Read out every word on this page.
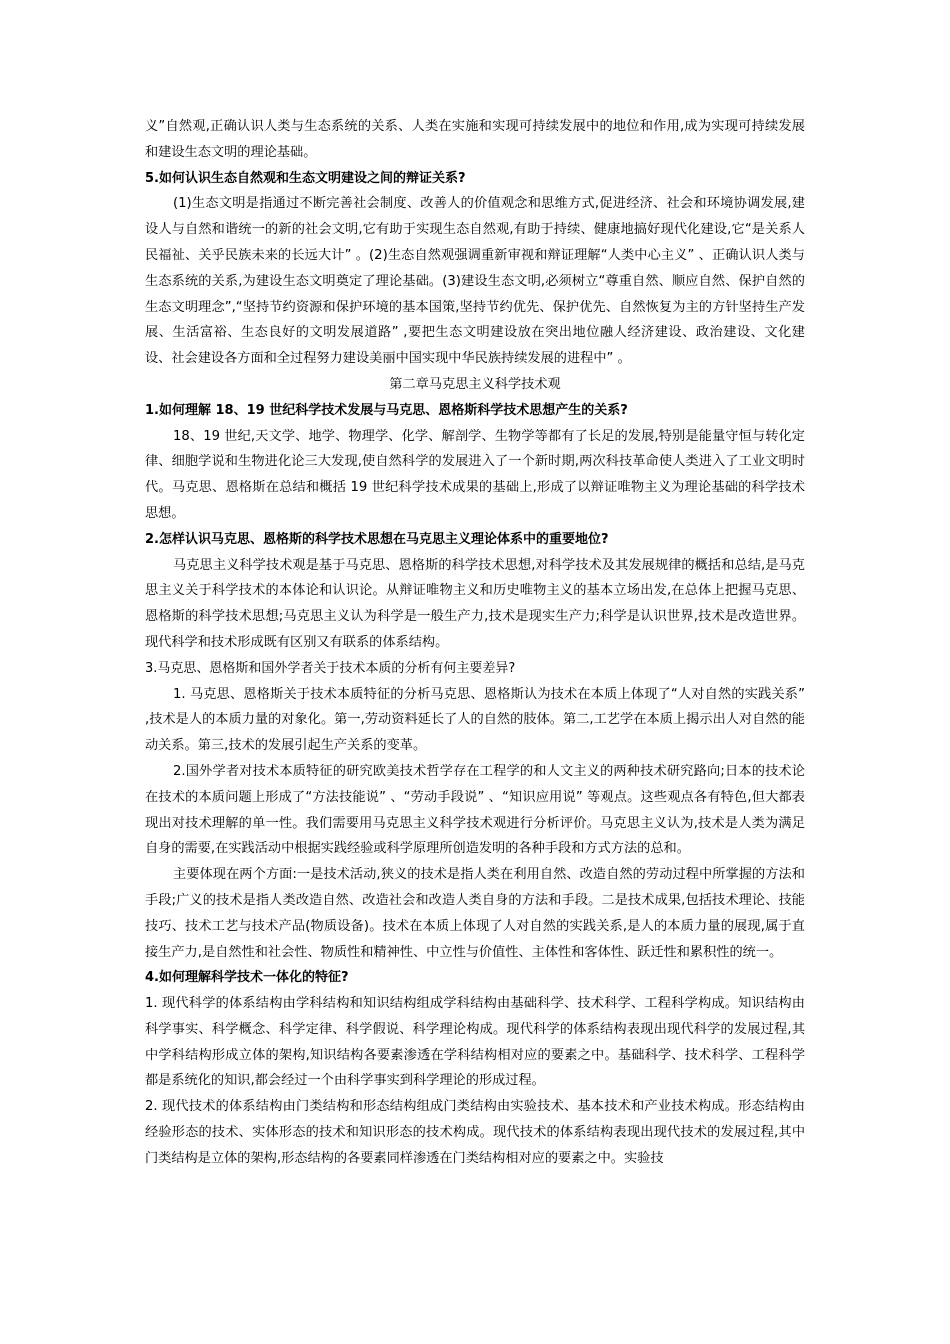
义”自然观,正确认识人类与生态系统的关系、人类在实施和实现可持续发展中的地位和作用,成为实现可持续发展和建设生态文明的理论基础。

5.如何认识生态自然观和生态文明建设之间的辩证关系?

(1)生态文明是指通过不断完善社会制度、改善人的价值观念和思维方式,促进经济、社会和环境协调发展,建设人与自然和谐统一的新的社会文明,它有助于实现生态自然观,有助于持续、健康地搞好现代化建设,它“是关系人民福祉、关乎民族未来的长远大计” 。(2)生态自然观强调重新审视和辩证理解“人类中心主义” 、正确认识人类与生态系统的关系,为建设生态文明奠定了理论基础。(3)建设生态文明,必须树立“尊重自然、顺应自然、保护自然的生态文明理念”,“坚持节约资源和保护环境的基本国策,坚持节约优先、保护优先、自然恢复为主的方针坚持生产发展、生活富裕、生态良好的文明发展道路” ,要把生态文明建设放在突出地位融人经济建设、政治建设、文化建设、社会建设各方面和全过程努力建设美丽中国实现中华民族持续发展的进程中” 。

第二章马克思主义科学技术观

1.如何理解 18、19 世纪科学技术发展与马克思、恩格斯科学技术思想产生的关系?

18、19 世纪,天文学、地学、物理学、化学、解剖学、生物学等都有了长足的发展,特别是能量守恒与转化定律、细胞学说和生物进化论三大发现,使自然科学的发展进入了一个新时期,两次科技革命使人类进入了工业文明时代。马克思、恩格斯在总结和概括 19 世纪科学技术成果的基础上,形成了以辩证唯物主义为理论基础的科学技术思想。

2.怎样认识马克思、恩格斯的科学技术思想在马克思主义理论体系中的重要地位?

马克思主义科学技术观是基于马克思、恩格斯的科学技术思想,对科学技术及其发展规律的概括和总结,是马克思主义关于科学技术的本体论和认识论。从辩证唯物主义和历史唯物主义的基本立场出发,在总体上把握马克思、恩格斯的科学技术思想;马克思主义认为科学是一般生产力,技术是现实生产力;科学是认识世界,技术是改造世界。现代科学和技术形成既有区别又有联系的体系结构。

3.马克思、恩格斯和国外学者关于技术本质的分析有何主要差异?

1. 马克思、恩格斯关于技术本质特征的分析马克思、恩格斯认为技术在本质上体现了“人对自然的实践关系” ,技术是人的本质力量的对象化。第一,劳动资料延长了人的自然的肢体。第二,工艺学在本质上揭示出人对自然的能动关系。第三,技术的发展引起生产关系的变革。

2.国外学者对技术本质特征的研究欧美技术哲学存在工程学的和人文主义的两种技术研究路向;日本的技术论在技术的本质问题上形成了“方法技能说” 、“劳动手段说” 、“知识应用说” 等观点。这些观点各有特色,但大都表现出对技术理解的单一性。我们需要用马克思主义科学技术观进行分析评价。马克思主义认为,技术是人类为满足自身的需要,在实践活动中根据实践经验或科学原理所创造发明的各种手段和方式方法的总和。

主要体现在两个方面:一是技术活动,狭义的技术是指人类在利用自然、改造自然的劳动过程中所掌握的方法和手段;广义的技术是指人类改造自然、改造社会和改造人类自身的方法和手段。二是技术成果,包括技术理论、技能技巧、技术工艺与技术产品(物质设备)。技术在本质上体现了人对自然的实践关系,是人的本质力量的展现,属于直接生产力,是自然性和社会性、物质性和精神性、中立性与价值性、主体性和客体性、跃迁性和累积性的统一。

4.如何理解科学技术一体化的特征?

1. 现代科学的体系结构由学科结构和知识结构组成学科结构由基础科学、技术科学、工程科学构成。知识结构由科学事实、科学概念、科学定律、科学假说、科学理论构成。现代科学的体系结构表现出现代科学的发展过程,其中学科结构形成立体的架构,知识结构各要素渗透在学科结构相对应的要素之中。基础科学、技术科学、工程科学都是系统化的知识,都会经过一个由科学事实到科学理论的形成过程。

2. 现代技术的体系结构由门类结构和形态结构组成门类结构由实验技术、基本技术和产业技术构成。形态结构由经验形态的技术、实体形态的技术和知识形态的技术构成。现代技术的体系结构表现出现代技术的发展过程,其中门类结构是立体的架构,形态结构的各要素同样渗透在门类结构相对应的要素之中。实验技
